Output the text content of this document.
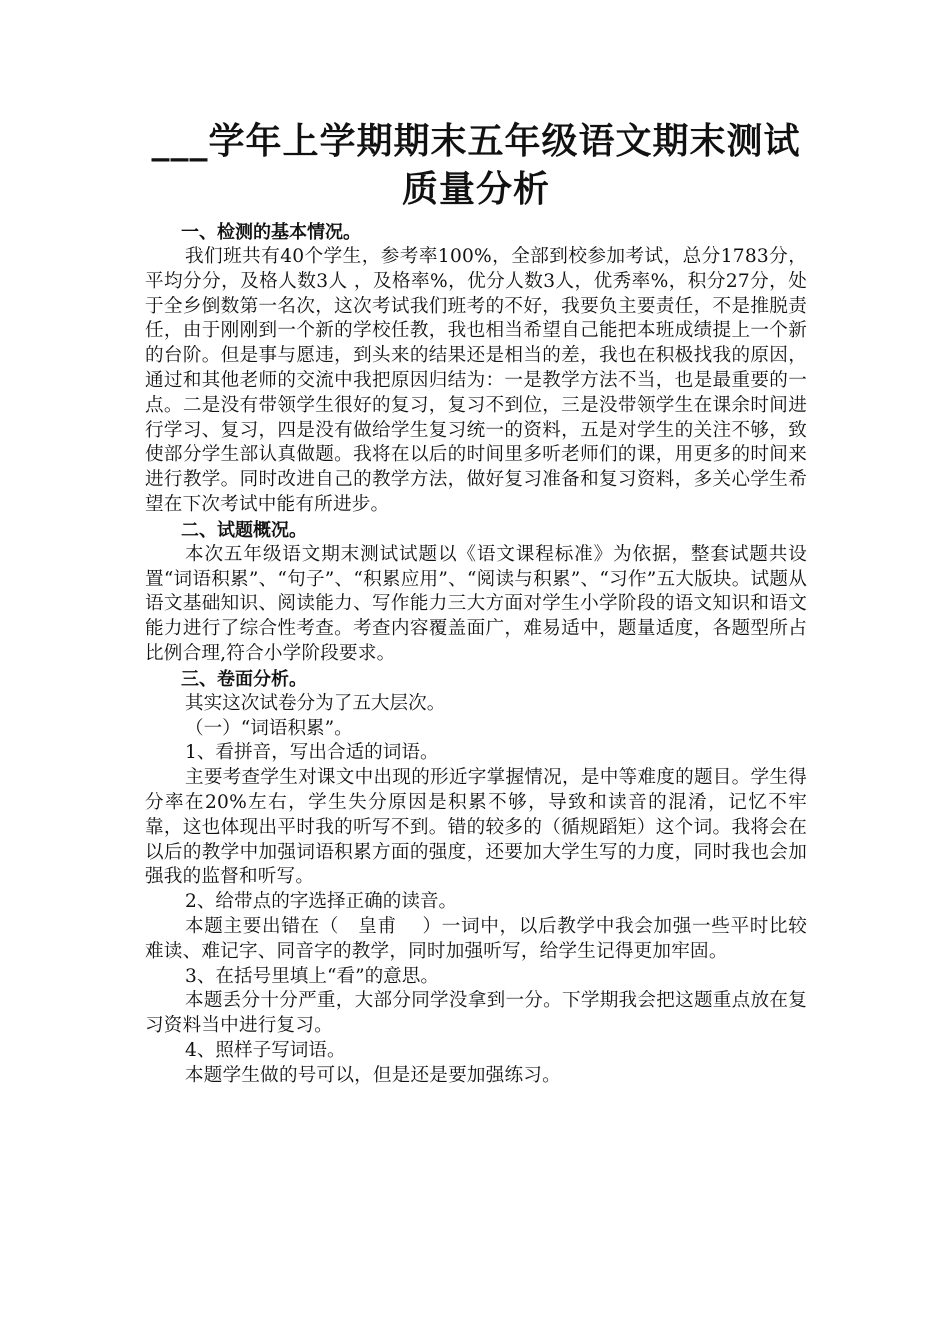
___学年上学期期末五年级语文期末测试质量分析

一、检测的基本情况。

我们班共有40个学生，参考率100%，全部到校参加考试，总分1783分，平均分分，及格人数3人 ，及格率%，优分人数3人，优秀率%，积分27分，处于全乡倒数第一名次，这次考试我们班考的不好，我要负主要责任，不是推脱责任，由于刚刚到一个新的学校任教，我也相当希望自己能把本班成绩提上一个新的台阶。但是事与愿违，到头来的结果还是相当的差，我也在积极找我的原因，通过和其他老师的交流中我把原因归结为：一是教学方法不当，也是最重要的一点。二是没有带领学生很好的复习，复习不到位，三是没带领学生在课余时间进行学习、复习，四是没有做给学生复习统一的资料，五是对学生的关注不够，致使部分学生部认真做题。我将在以后的时间里多听老师们的课，用更多的时间来进行教学。同时改进自己的教学方法，做好复习准备和复习资料，多关心学生希望在下次考试中能有所进步。

二、试题概况。

本次五年级语文期末测试试题以《语文课程标准》为依据，整套试题共设置“词语积累”、“句子”、“积累应用”、“阅读与积累”、“习作”五大版块。试题从语文基础知识、阅读能力、写作能力三大方面对学生小学阶段的语文知识和语文能力进行了综合性考查。考查内容覆盖面广，难易适中，题量适度，各题型所占比例合理,符合小学阶段要求。

三、卷面分析。

其实这次试卷分为了五大层次。

（一）“词语积累”。

1、看拼音，写出合适的词语。

主要考查学生对课文中出现的形近字掌握情况，是中等难度的题目。学生得分率在20%左右，学生失分原因是积累不够，导致和读音的混淆，记忆不牢靠，这也体现出平时我的听写不到。错的较多的（循规蹈矩）这个词。我将会在以后的教学中加强词语积累方面的强度，还要加大学生写的力度，同时我也会加强我的监督和听写。

2、给带点的字选择正确的读音。

本题主要出错在（　皇甫　 ）一词中，以后教学中我会加强一些平时比较难读、难记字、同音字的教学，同时加强听写，给学生记得更加牢固。

3、在括号里填上“看”的意思。

本题丢分十分严重，大部分同学没拿到一分。下学期我会把这题重点放在复习资料当中进行复习。

4、照样子写词语。

本题学生做的号可以，但是还是要加强练习。
